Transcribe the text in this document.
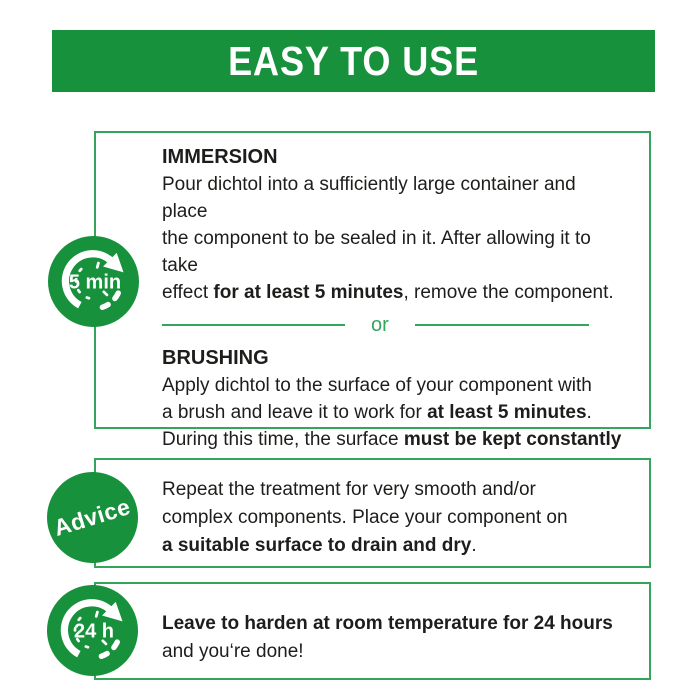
EASY TO USE

IMMERSION

Pour dichtol into a sufficiently large container and place
the component to be sealed in it. After allowing it to take
effect for at least 5 minutes, remove the component.

or

BRUSHING

Apply dichtol to the surface of your component with
a brush and leave it to work for at least 5 minutes.
During this time, the surface must be kept constantly

5 min

Repeat the treatment for very smooth and/or
complex components. Place your component on
a suitable surface to drain and dry.

Advice

Leave to harden at room temperature for 24 hours
and you‘re done!

24 h
